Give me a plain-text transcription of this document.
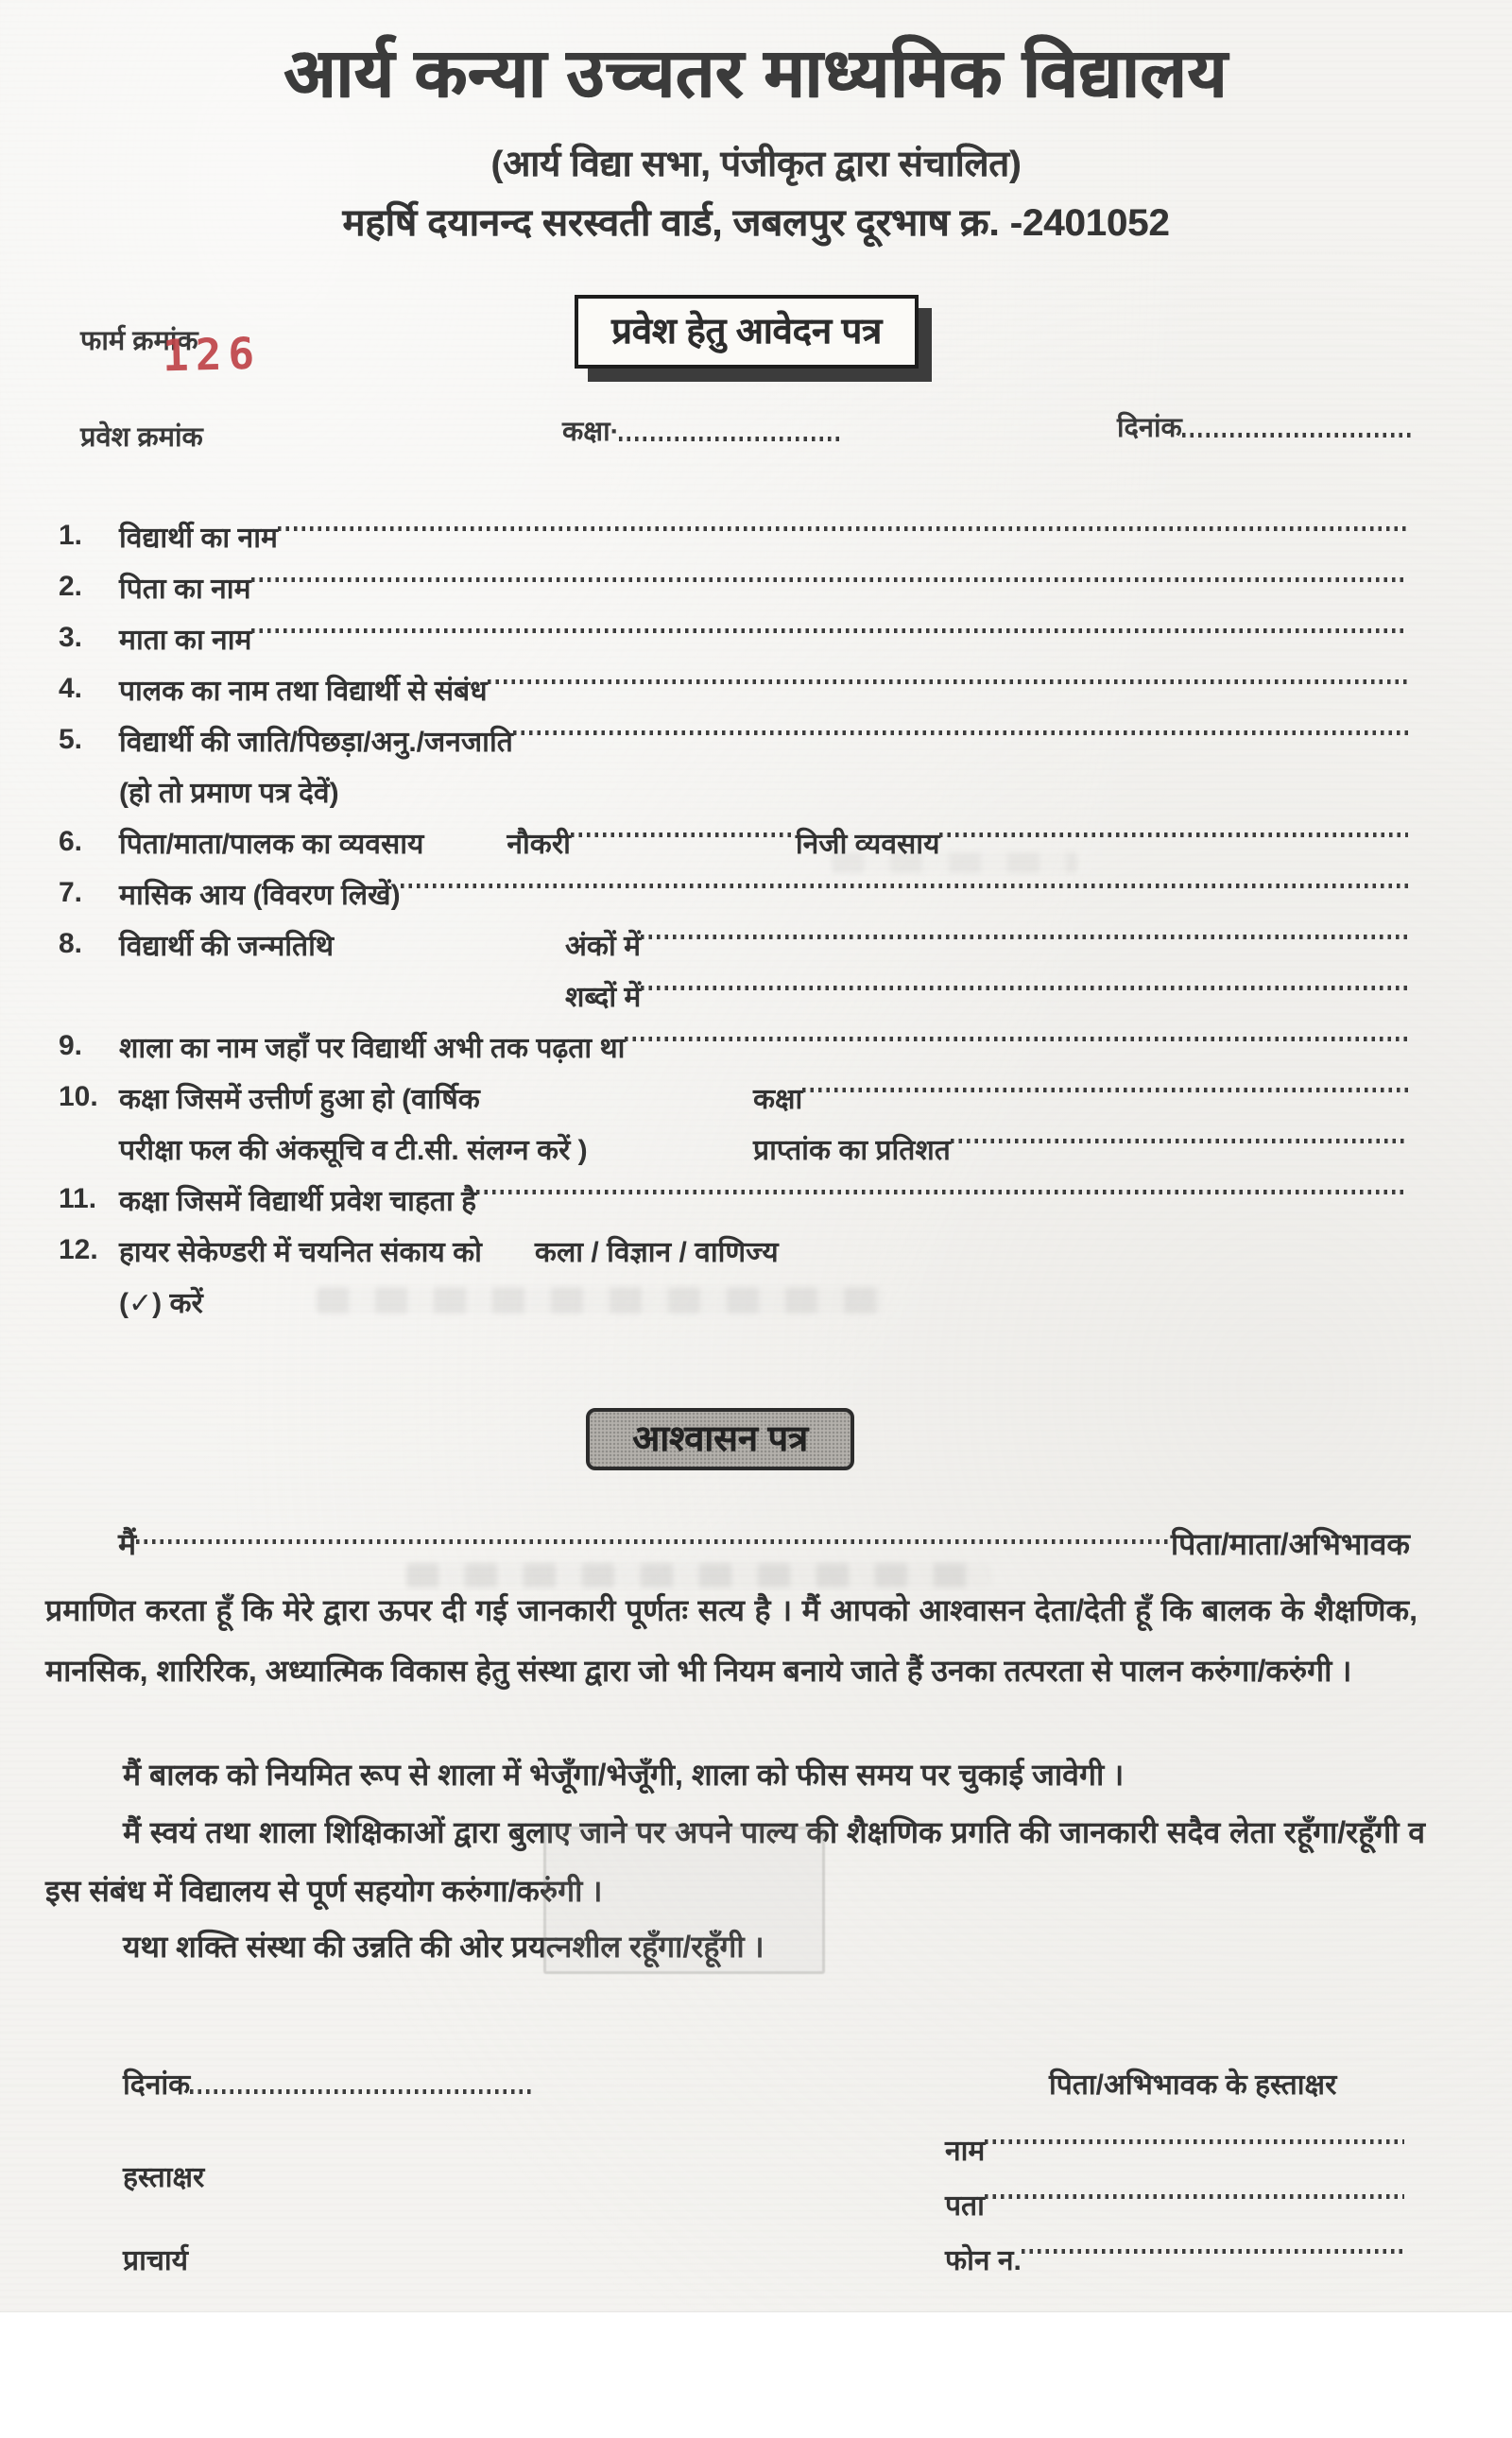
आर्य कन्या उच्चतर माध्यमिक विद्यालय
(आर्य विद्या सभा, पंजीकृत द्वारा संचालित)
महर्षि दयानन्द सरस्वती वार्ड, जबलपुर दूरभाष क्र. -2401052
फार्म क्रमांक
126	प्रवेश हेतु आवेदन पत्र
प्रवेश क्रमांक	कक्षा·	दिनांक
1.	विद्यार्थी का नाम
2.	पिता का नाम
3.	माता का नाम
4.	पालक का नाम तथा विद्यार्थी से संबंध
5.	विद्यार्थी की जाति/पिछड़ा/अनु./जनजाति
(हो तो प्रमाण पत्र देवें)
6.	पिता/माता/पालक का व्यवसाय	नौकरी	निजी व्यवसाय
7.	मासिक आय (विवरण लिखें)
8.	विद्यार्थी की जन्मतिथि	अंकों में
शब्दों में
9.	शाला का नाम जहाँ पर विद्यार्थी अभी तक पढ़ता था
10. कक्षा जिसमें उत्तीर्ण हुआ हो (वार्षिक	कक्षा
परीक्षा फल की अंकसूचि व टी.सी. संलग्न करें )	प्राप्तांक का प्रतिशत
11. कक्षा जिसमें विद्यार्थी प्रवेश चाहता है
12. हायर सेकेण्डरी में चयनित संकाय को कला / विज्ञान / वाणिज्य
(✓) करें
आश्वासन पत्र
मैं	पिता/माता/अभिभावक
प्रमाणित करता हूँ कि मेरे द्वारा ऊपर दी गई जानकारी पूर्णतः सत्य है । मैं आपको आश्वासन देता/देती हूँ कि बालक के शैक्षणिक, मानसिक, शारिरिक, अध्यात्मिक विकास हेतु संस्था द्वारा जो भी नियम बनाये जाते हैं उनका तत्परता से पालन करुंगा/करुंगी ।
मैं बालक को नियमित रूप से शाला में भेजूँगा/भेजूँगी, शाला को फीस समय पर चुकाई जावेगी ।
मैं स्वयं तथा शाला शिक्षिकाओं द्वारा बुलाए जाने पर अपने पाल्य की शैक्षणिक प्रगति की जानकारी सदैव लेता रहूँगा/रहूँगी व इस संबंध में विद्यालय से पूर्ण सहयोग करुंगा/करुंगी ।
यथा शक्ति संस्था की उन्नति की ओर प्रयत्नशील रहूँगा/रहूँगी ।
दिनांक
हस्ताक्षर
प्राचार्य
पिता/अभिभावक के हस्ताक्षर
नाम
पता
फोन न.
